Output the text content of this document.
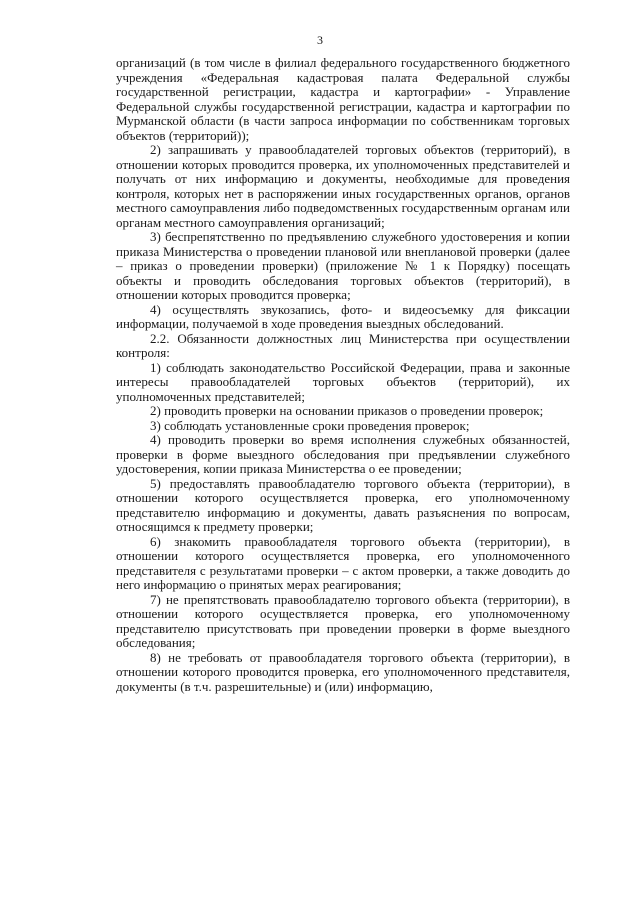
3

организаций (в том числе в филиал федерального государственного бюджетного учреждения «Федеральная кадастровая палата Федеральной службы государственной регистрации, кадастра и картографии» - Управление Федеральной службы государственной регистрации, кадастра и картографии по Мурманской области (в части запроса информации по собственникам торговых объектов (территорий));

2) запрашивать у правообладателей торговых объектов (территорий), в отношении которых проводится проверка, их уполномоченных представителей и получать от них информацию и документы, необходимые для проведения контроля, которых нет в распоряжении иных государственных органов, органов местного самоуправления либо подведомственных государственным органам или органам местного самоуправления организаций;

3) беспрепятственно по предъявлению служебного удостоверения и копии приказа Министерства о проведении плановой или внеплановой проверки (далее – приказ о проведении проверки) (приложение № 1 к Порядку) посещать объекты и проводить обследования торговых объектов (территорий), в отношении которых проводится проверка;

4) осуществлять звукозапись, фото- и видеосъемку для фиксации информации, получаемой в ходе проведения выездных обследований.

2.2. Обязанности должностных лиц Министерства при осуществлении контроля:

1) соблюдать законодательство Российской Федерации, права и законные интересы правообладателей торговых объектов (территорий), их уполномоченных представителей;

2) проводить проверки на основании приказов о проведении проверок;

3) соблюдать установленные сроки проведения проверок;

4) проводить проверки во время исполнения служебных обязанностей, проверки в форме выездного обследования при предъявлении служебного удостоверения, копии приказа Министерства о ее проведении;

5) предоставлять правообладателю торгового объекта (территории), в отношении которого осуществляется проверка, его уполномоченному представителю информацию и документы, давать разъяснения по вопросам, относящимся к предмету проверки;

6) знакомить правообладателя торгового объекта (территории), в отношении которого осуществляется проверка, его уполномоченного представителя с результатами проверки – с актом проверки, а также доводить до него информацию о принятых мерах реагирования;

7) не препятствовать правообладателю торгового объекта (территории), в отношении которого осуществляется проверка, его уполномоченному представителю присутствовать при проведении проверки в форме выездного обследования;

8) не требовать от правообладателя торгового объекта (территории), в отношении которого проводится проверка, его уполномоченного представителя, документы (в т.ч. разрешительные) и (или) информацию,
